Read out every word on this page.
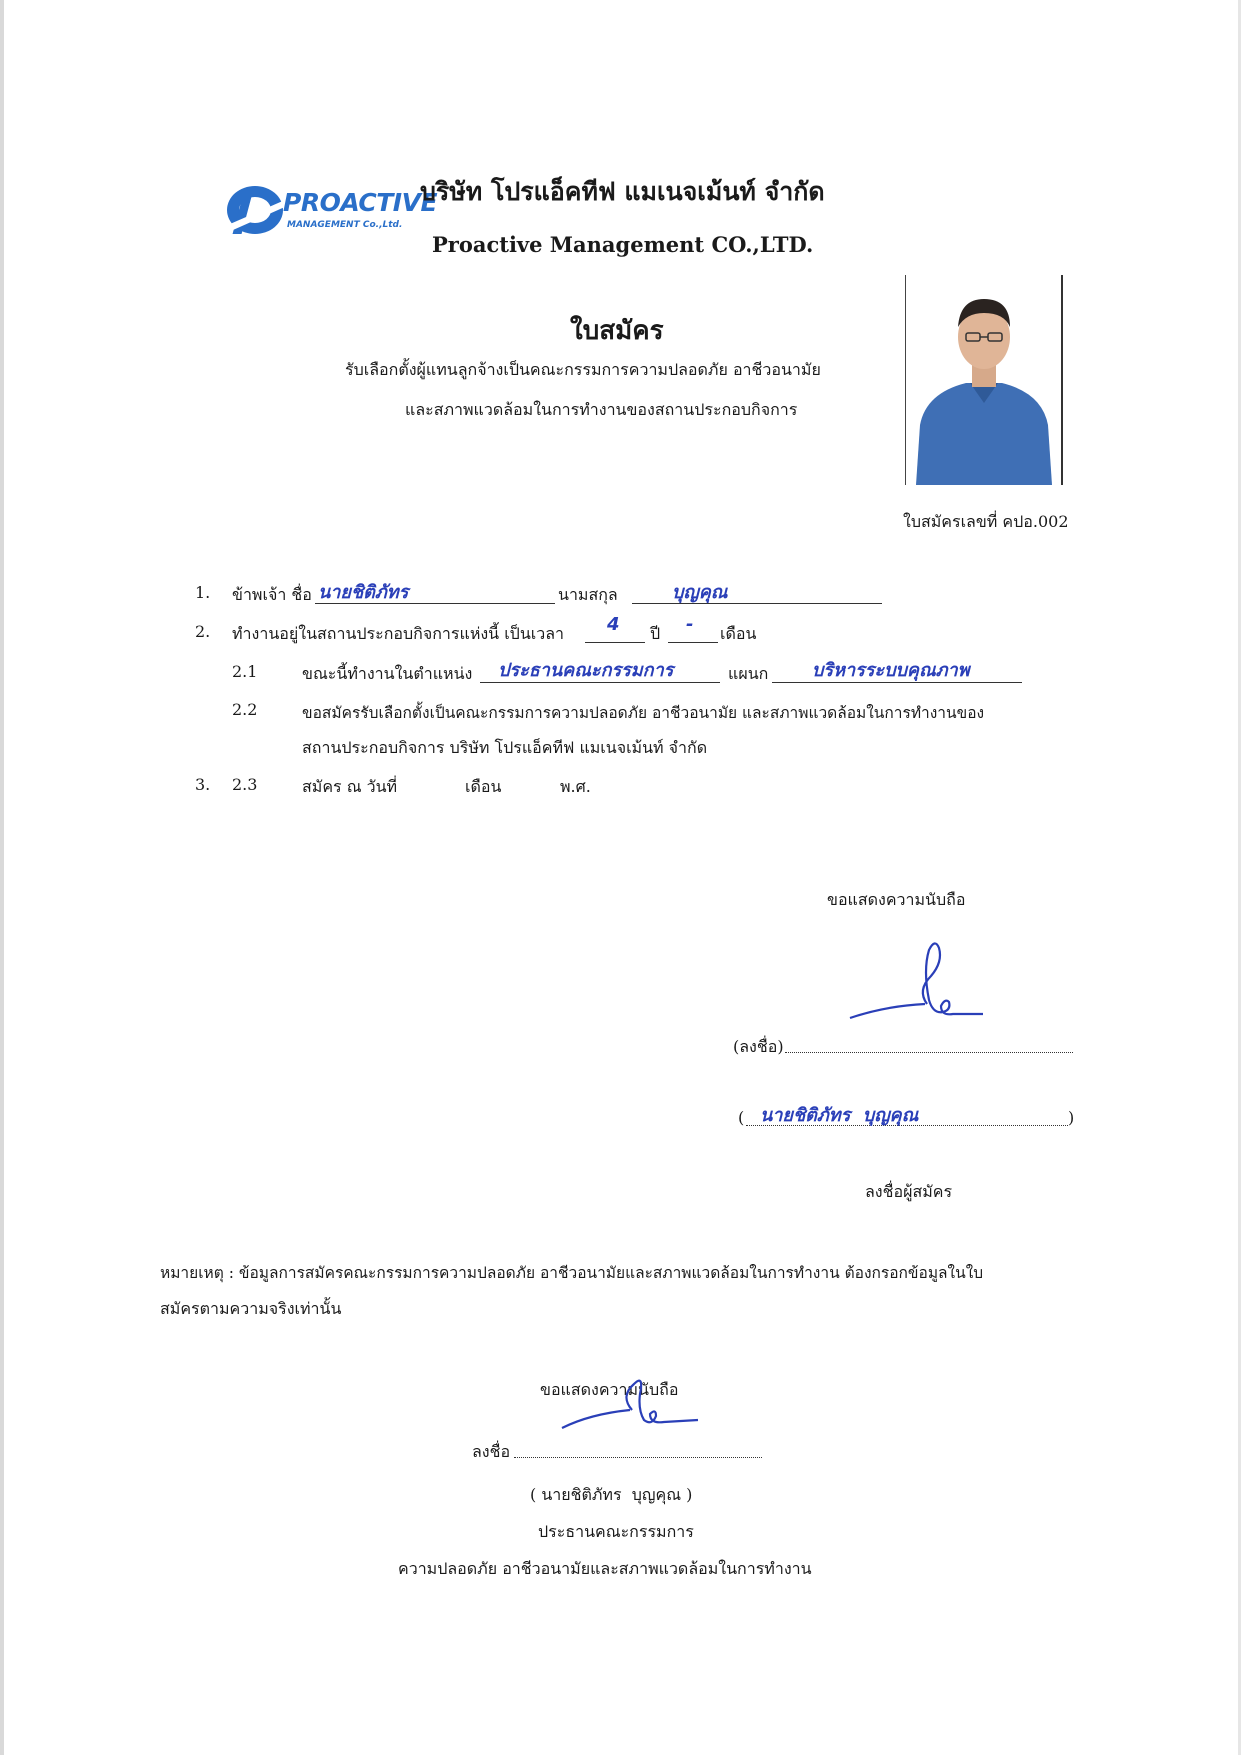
PROACTIVE
MANAGEMENT Co.,Ltd.
บริษัท โปรแอ็คทีฟ แมเนจเม้นท์ จำกัด
Proactive Management CO.,LTD.
ใบสมัคร
รับเลือกตั้งผู้แทนลูกจ้างเป็นคณะกรรมการความปลอดภัย อาชีวอนามัย
และสภาพแวดล้อมในการทำงานของสถานประกอบกิจการ
ใบสมัครเลขที่ คปอ.002
1. ข้าพเจ้า ชื่อ นายชิติภัทร	นามสกุล	บุญคุณ
2. ทำงานอยู่ในสถานประกอบกิจการแห่งนี้ เป็นเวลา 4 ปี - เดือน
2.1	ขณะนี้ทำงานในตำแหน่ง ประธานคณะกรรมการ	แผนก บริหารระบบคุณภาพ
2.2	ขอสมัครรับเลือกตั้งเป็นคณะกรรมการความปลอดภัย อาชีวอนามัย และสภาพแวดล้อมในการทำงานของ
สถานประกอบกิจการ บริษัท โปรแอ็คทีฟ แมเนจเม้นท์ จำกัด
3. 2.3	สมัคร ณ วันที่	เดือน	พ.ศ.
ขอแสดงความนับถือ
(ลงชื่อ)
( นายชิติภัทร  บุญคุณ	)
ลงชื่อผู้สมัคร
หมายเหตุ : ข้อมูลการสมัครคณะกรรมการความปลอดภัย อาชีวอนามัยและสภาพแวดล้อมในการทำงาน ต้องกรอกข้อมูลในใบ
สมัครตามความจริงเท่านั้น
ขอแสดงความนับถือ
ลงชื่อ
( นายชิติภัทร  บุญคุณ )
ประธานคณะกรรมการ
ความปลอดภัย อาชีวอนามัยและสภาพแวดล้อมในการทำงาน
